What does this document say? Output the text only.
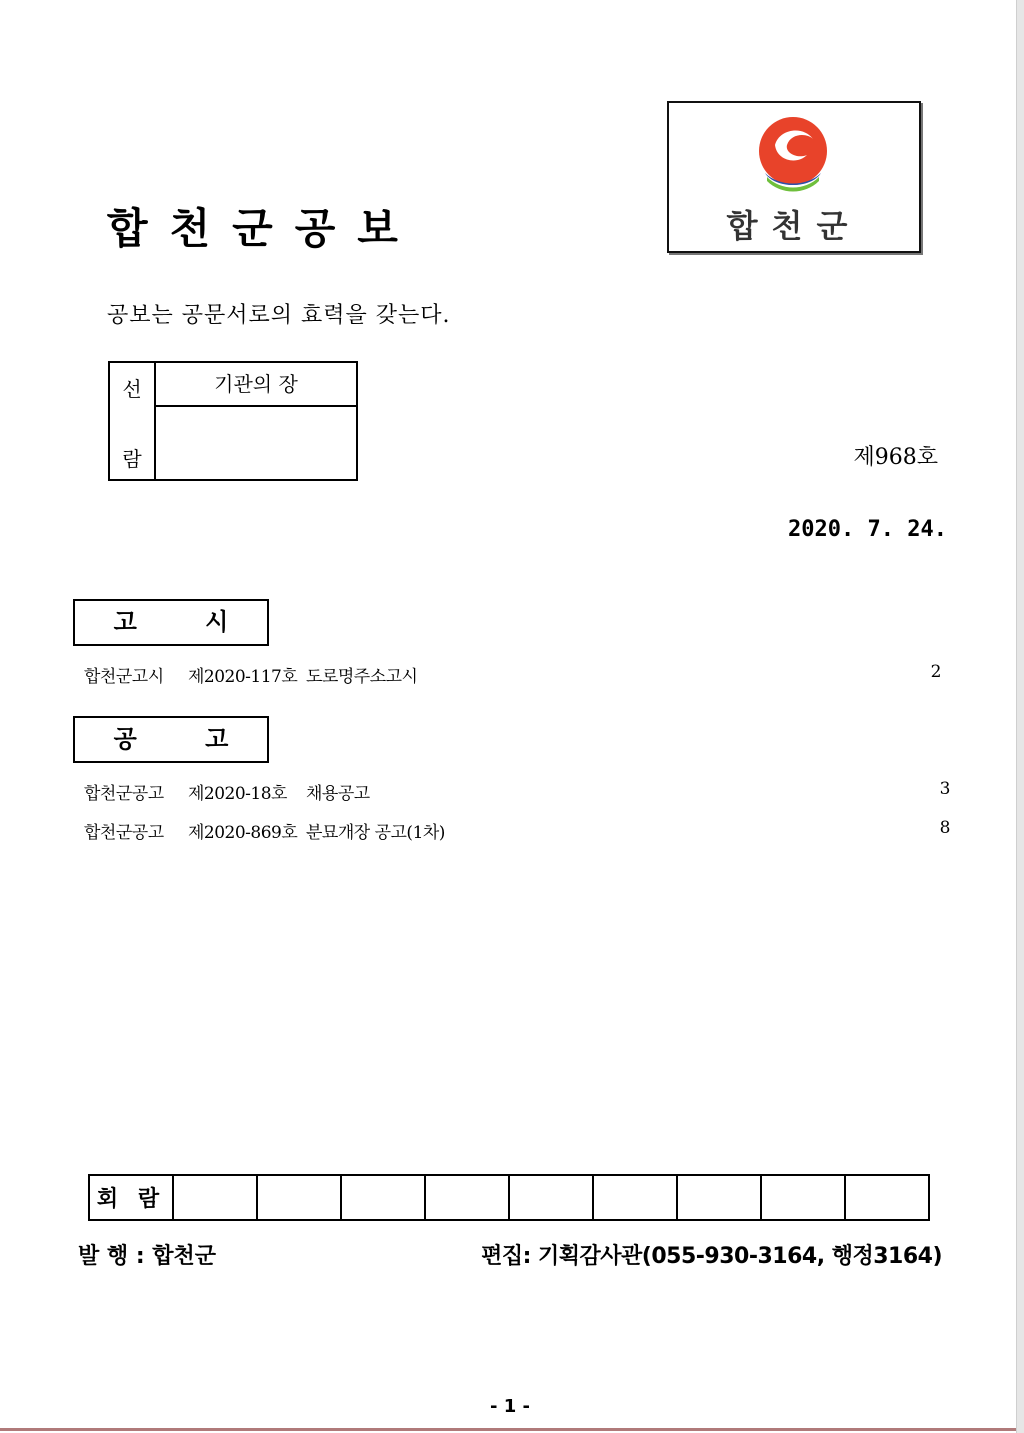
합천군공보	합천군
공보는 공문서로의 효력을 갖는다.
선
람
기관의 장
제968호
2020. 7. 24.
고 시
합천군고시 제2020-117호 도로명주소고시	2
공 고
합천군공고 제2020-18호 채용공고	3
합천군공고 제2020-869호 분묘개장 공고(1차)	8
회 람									
발 행 : 합천군	편집: 기획감사관(055-930-3164, 행정3164)
- 1 -
